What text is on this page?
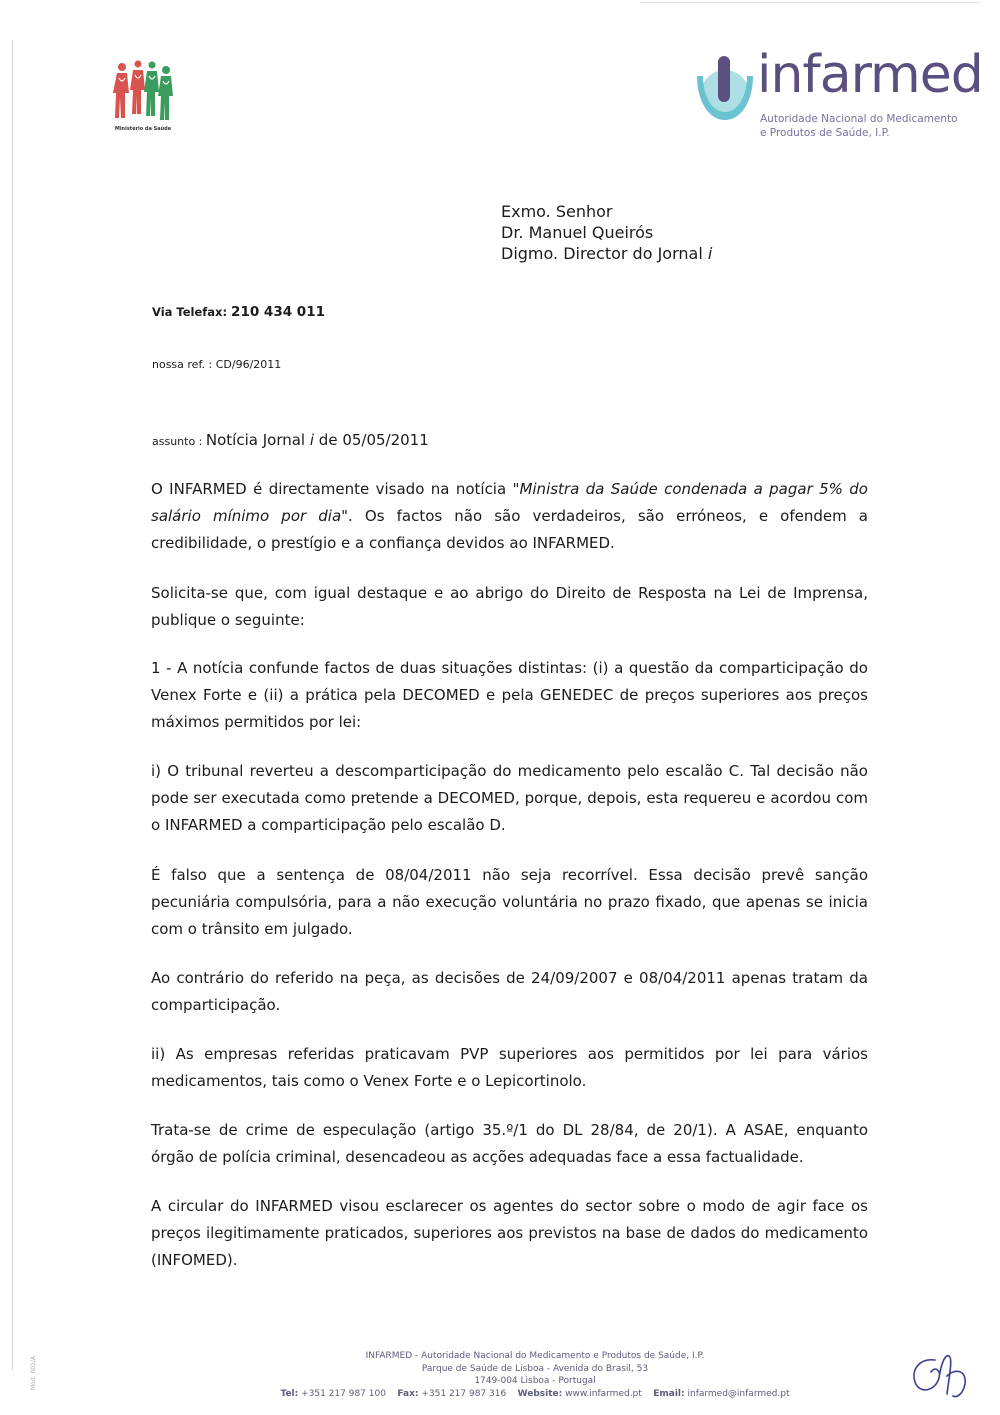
Ministério da Saúde
infarmed
Autoridade Nacional do Medicamento
e Produtos de Saúde, I.P.
Exmo. Senhor
Dr. Manuel Queirós
Digmo. Director do Jornal i
Via Telefax: 210 434 011
nossa ref. : CD/96/2011
assunto : Notícia Jornal i de 05/05/2011

O INFARMED é directamente visado na notícia "Ministra da Saúde condenada a pagar 5% do salário mínimo por dia". Os factos não são verdadeiros, são erróneos, e ofendem a credibilidade, o prestígio e a confiança devidos ao INFARMED.

Solicita-se que, com igual destaque e ao abrigo do Direito de Resposta na Lei de Imprensa, publique o seguinte:

1 - A notícia confunde factos de duas situações distintas: (i) a questão da comparticipação do Venex Forte e (ii) a prática pela DECOMED e pela GENEDEC de preços superiores aos preços máximos permitidos por lei:

i) O tribunal reverteu a descomparticipação do medicamento pelo escalão C. Tal decisão não pode ser executada como pretende a DECOMED, porque, depois, esta requereu e acordou com o INFARMED a comparticipação pelo escalão D.

É falso que a sentença de 08/04/2011 não seja recorrível. Essa decisão prevê sanção pecuniária compulsória, para a não execução voluntária no prazo fixado, que apenas se inicia com o trânsito em julgado.

Ao contrário do referido na peça, as decisões de 24/09/2007 e 08/04/2011 apenas tratam da comparticipação.

ii) As empresas referidas praticavam PVP superiores aos permitidos por lei para vários medicamentos, tais como o Venex Forte e o Lepicortinolo.

Trata-se de crime de especulação (artigo 35.º/1 do DL 28/84, de 20/1). A ASAE, enquanto órgão de polícia criminal, desencadeou as acções adequadas face a essa factualidade.

A circular do INFARMED visou esclarecer os agentes do sector sobre o modo de agir face os preços ilegitimamente praticados, superiores aos previstos na base de dados do medicamento (INFOMED).

INFARMED - Autoridade Nacional do Medicamento e Produtos de Saúde, I.P.
Parque de Saúde de Lisboa - Avenida do Brasil, 53
1749-004 Lisboa - Portugal
Tel: +351 217 987 100 Fax: +351 217 987 316 Website: www.infarmed.pt Email: infarmed@infarmed.pt
Mod. 001/A
